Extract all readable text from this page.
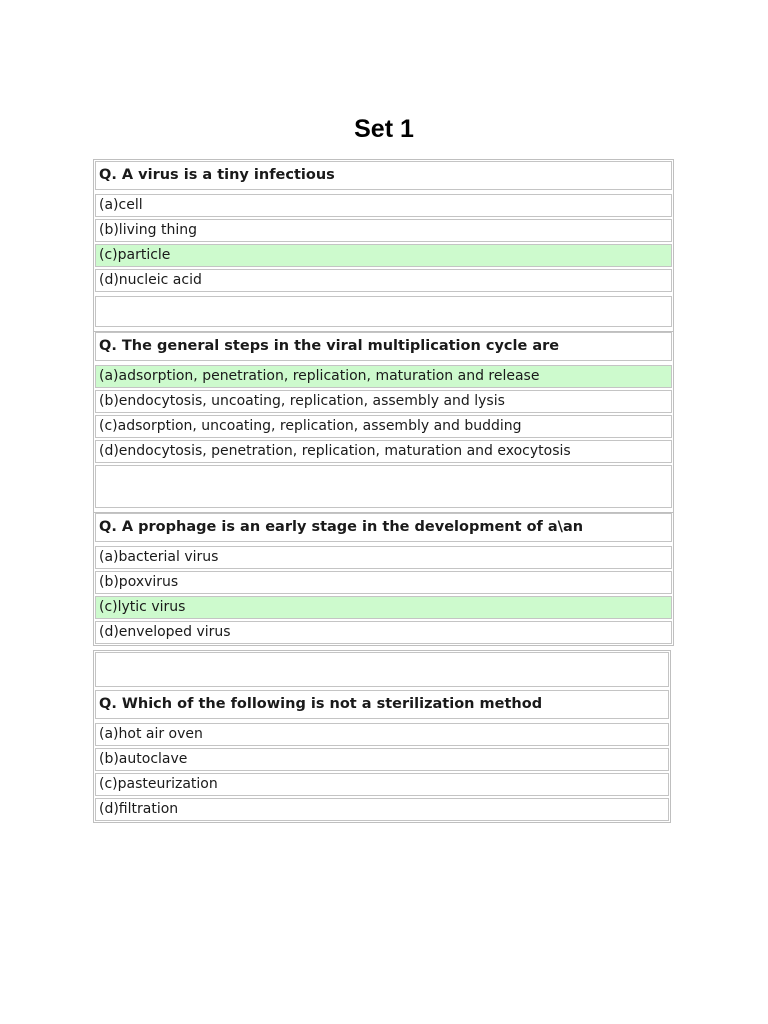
Set 1
Q. A virus is a tiny infectious
(a)cell
(b)living thing
(c)particle
(d)nucleic acid
Q. The general steps in the viral multiplication cycle are
(a)adsorption, penetration, replication, maturation and release
(b)endocytosis, uncoating, replication, assembly and lysis
(c)adsorption, uncoating, replication, assembly and budding
(d)endocytosis, penetration, replication, maturation and exocytosis
Q. A prophage is an early stage in the development of a\an
(a)bacterial virus
(b)poxvirus
(c)lytic virus
(d)enveloped virus
Q. Which of the following is not a sterilization method
(a)hot air oven
(b)autoclave
(c)pasteurization
(d)filtration
